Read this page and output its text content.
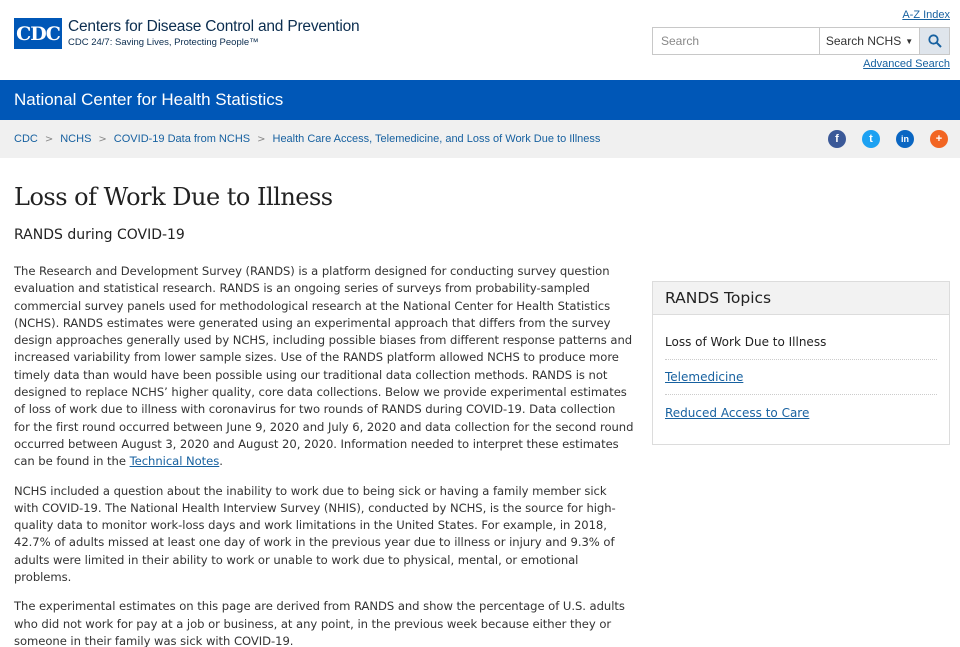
CDC Centers for Disease Control and Prevention
CDC 24/7: Saving Lives, Protecting People™
A-Z Index
Search
Search NCHS ▼
Advanced Search
National Center for Health Statistics
CDC > NCHS > COVID-19 Data from NCHS > Health Care Access, Telemedicine, and Loss of Work Due to Illness	f	t	in	+
Loss of Work Due to Illness
RANDS during COVID-19

The Research and Development Survey (RANDS) is a platform designed for conducting survey question evaluation and statistical research. RANDS is an ongoing series of surveys from probability-sampled commercial survey panels used for methodological research at the National Center for Health Statistics (NCHS). RANDS estimates were generated using an experimental approach that differs from the survey design approaches generally used by NCHS, including possible biases from different response patterns and increased variability from lower sample sizes. Use of the RANDS platform allowed NCHS to produce more timely data than would have been possible using our traditional data collection methods. RANDS is not designed to replace NCHS’ higher quality, core data collections. Below we provide experimental estimates of loss of work due to illness with coronavirus for two rounds of RANDS during COVID-19. Data collection for the first round occurred between June 9, 2020 and July 6, 2020 and data collection for the second round occurred between August 3, 2020 and August 20, 2020. Information needed to interpret these estimates can be found in the Technical Notes.

NCHS included a question about the inability to work due to being sick or having a family member sick with COVID-19. The National Health Interview Survey (NHIS), conducted by NCHS, is the source for high-quality data to monitor work-loss days and work limitations in the United States. For example, in 2018, 42.7% of adults missed at least one day of work in the previous year due to illness or injury and 9.3% of adults were limited in their ability to work or unable to work due to physical, mental, or emotional problems.

The experimental estimates on this page are derived from RANDS and show the percentage of U.S. adults who did not work for pay at a job or business, at any point, in the previous week because either they or someone in their family was sick with COVID-19.

RANDS Topics
Loss of Work Due to Illness
Telemedicine
Reduced Access to Care
